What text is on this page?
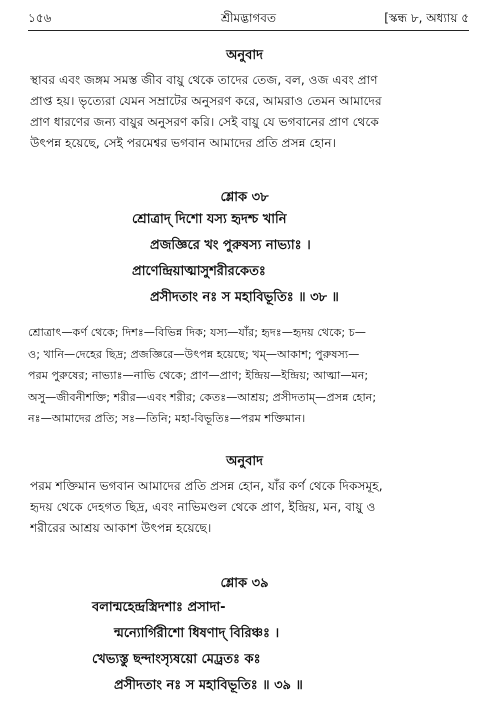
১৫৬	শ্রীমদ্ভাগবত	[স্কন্ধ ৮, অধ্যায় ৫
অনুবাদ

স্থাবর এবং জঙ্গম সমস্ত জীব বায়ু থেকে তাদের তেজ, বল, ওজ এবং প্রাণ
প্রাপ্ত হয়। ভৃত্যেরা যেমন সম্রাটের অনুসরণ করে, আমরাও তেমন আমাদের
প্রাণ ধারণের জন্য বায়ুর অনুসরণ করি। সেই বায়ু যে ভগবানের প্রাণ থেকে
উৎপন্ন হয়েছে, সেই পরমেশ্বর ভগবান আমাদের প্রতি প্রসন্ন হোন।

শ্লোক ৩৮
শ্রোত্রাদ্ দিশো যস্য হৃদশ্চ খানি
প্রজজ্ঞিরে খং পুরুষস্য নাভ্যাঃ ।
প্রাণেন্দ্রিয়াত্মাসুশরীরকেতঃ
প্রসীদতাং নঃ স মহাবিভূতিঃ ॥ ৩৮ ॥

শ্রোত্রাৎ—কর্ণ থেকে; দিশঃ—বিভিন্ন দিক; যস্য—যাঁর; হৃদঃ—হৃদয় থেকে; চ—
ও; খানি—দেহের ছিদ্র; প্রজজ্ঞিরে—উৎপন্ন হয়েছে; খম্—আকাশ; পুরুষস্য—
পরম পুরুষের; নাভ্যাঃ—নাভি থেকে; প্রাণ—প্রাণ; ইন্দ্রিয়—ইন্দ্রিয়; আত্মা—মন;
অসু—জীবনীশক্তি; শরীর—এবং শরীর; কেতঃ—আশ্রয়; প্রসীদতাম্—প্রসন্ন হোন;
নঃ—আমাদের প্রতি; সঃ—তিনি; মহা-বিভূতিঃ—পরম শক্তিমান।

অনুবাদ

পরম শক্তিমান ভগবান আমাদের প্রতি প্রসন্ন হোন, যাঁর কর্ণ থেকে দিকসমূহ,
হৃদয় থেকে দেহগত ছিদ্র, এবং নাভিমণ্ডল থেকে প্রাণ, ইন্দ্রিয়, মন, বায়ু ও
শরীরের আশ্রয় আকাশ উৎপন্ন হয়েছে।

শ্লোক ৩৯
বলান্মহেন্দ্রস্ত্রিদশাঃ প্রসাদা-
ন্মন্যোর্গিরীশো ধিষণাদ্ বিরিঞ্চঃ ।
খেভ্যস্তু ছন্দাংস্যৃষয়ো মেঢ্রতঃ কঃ
প্রসীদতাং নঃ স মহাবিভূতিঃ ॥ ৩৯ ॥
